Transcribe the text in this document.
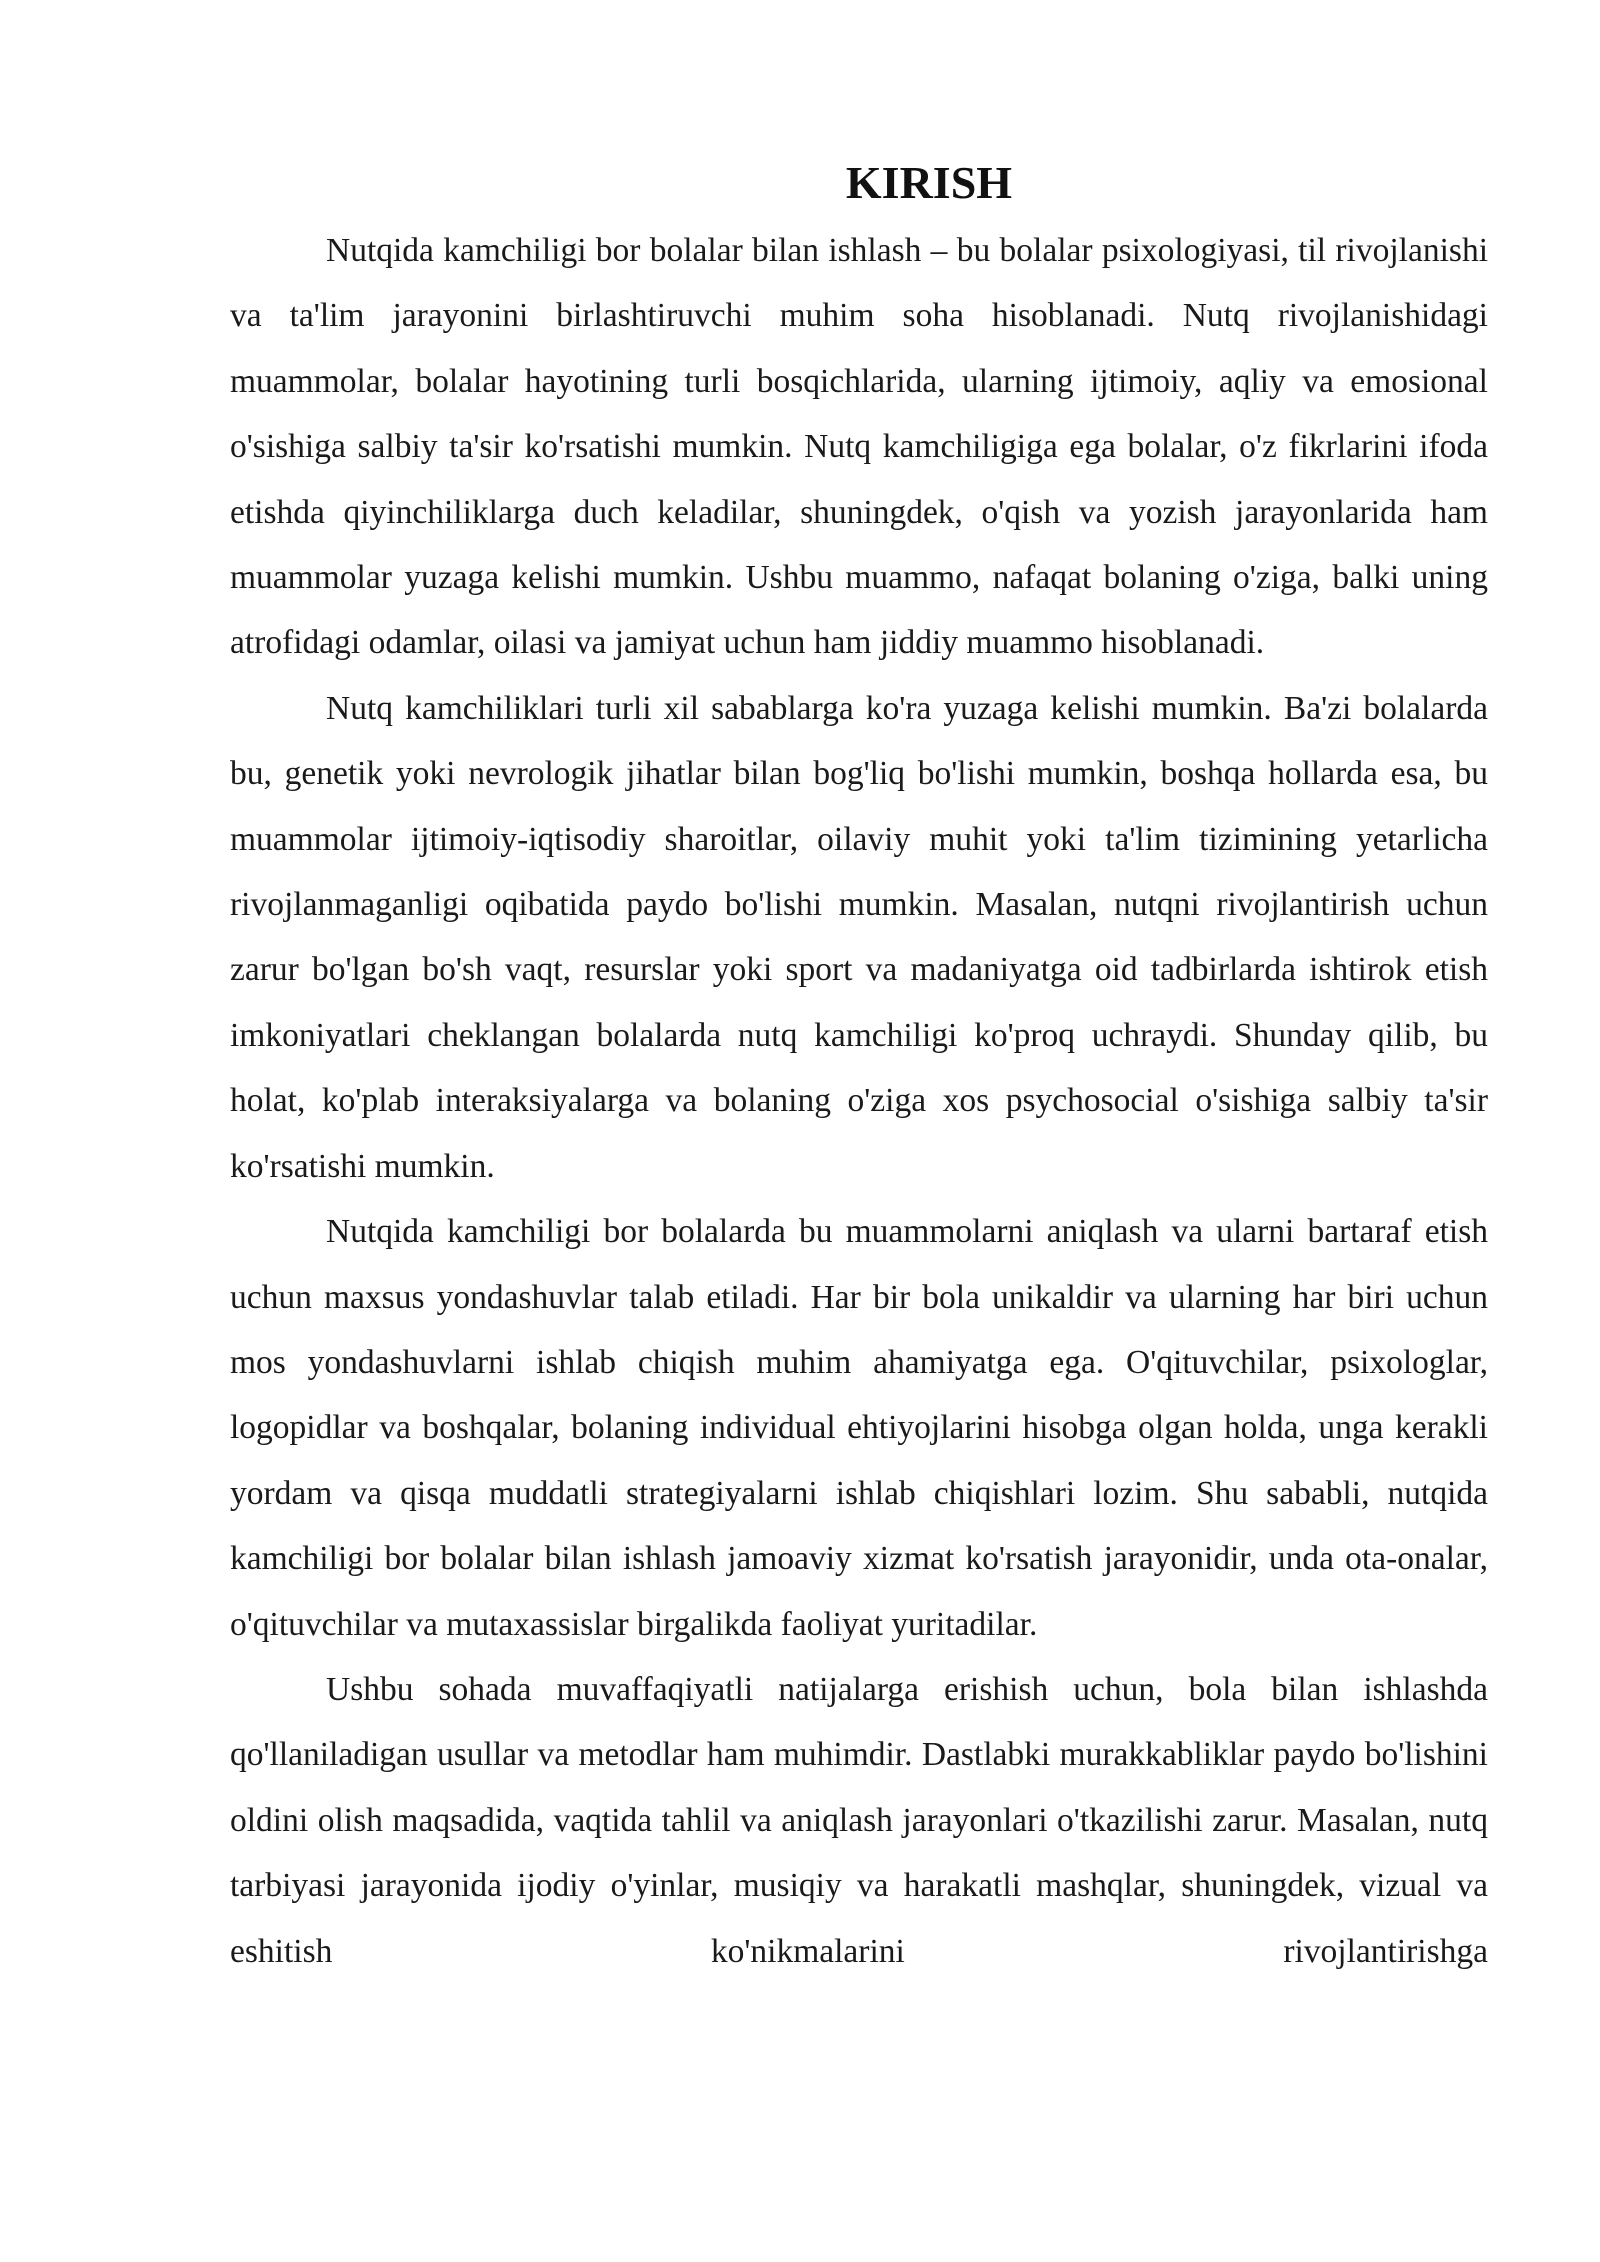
KIRISH

Nutqida kamchiligi bor bolalar bilan ishlash – bu bolalar psixologiyasi, til rivojlanishi va ta'lim jarayonini birlashtiruvchi muhim soha hisoblanadi. Nutq rivojlanishidagi muammolar, bolalar hayotining turli bosqichlarida, ularning ijtimoiy, aqliy va emosional o'sishiga salbiy ta'sir ko'rsatishi mumkin. Nutq kamchiligiga ega bolalar, o'z fikrlarini ifoda etishda qiyinchiliklarga duch keladilar, shuningdek, o'qish va yozish jarayonlarida ham muammolar yuzaga kelishi mumkin. Ushbu muammo, nafaqat bolaning o'ziga, balki uning atrofidagi odamlar, oilasi va jamiyat uchun ham jiddiy muammo hisoblanadi.

Nutq kamchiliklari turli xil sabablarga ko'ra yuzaga kelishi mumkin. Ba'zi bolalarda bu, genetik yoki nevrologik jihatlar bilan bog'liq bo'lishi mumkin, boshqa hollarda esa, bu muammolar ijtimoiy-iqtisodiy sharoitlar, oilaviy muhit yoki ta'lim tizimining yetarlicha rivojlanmaganligi oqibatida paydo bo'lishi mumkin. Masalan, nutqni rivojlantirish uchun zarur bo'lgan bo'sh vaqt, resurslar yoki sport va madaniyatga oid tadbirlarda ishtirok etish imkoniyatlari cheklangan bolalarda nutq kamchiligi ko'proq uchraydi. Shunday qilib, bu holat, ko'plab interaksiyalarga va bolaning o'ziga xos psychosocial o'sishiga salbiy ta'sir ko'rsatishi mumkin.

Nutqida kamchiligi bor bolalarda bu muammolarni aniqlash va ularni bartaraf etish uchun maxsus yondashuvlar talab etiladi. Har bir bola unikaldir va ularning har biri uchun mos yondashuvlarni ishlab chiqish muhim ahamiyatga ega. O'qituvchilar, psixologlar, logopidlar va boshqalar, bolaning individual ehtiyojlarini hisobga olgan holda, unga kerakli yordam va qisqa muddatli strategiyalarni ishlab chiqishlari lozim. Shu sababli, nutqida kamchiligi bor bolalar bilan ishlash jamoaviy xizmat ko'rsatish jarayonidir, unda ota-onalar, o'qituvchilar va mutaxassislar birgalikda faoliyat yuritadilar.

Ushbu sohada muvaffaqiyatli natijalarga erishish uchun, bola bilan ishlashda qo'llaniladigan usullar va metodlar ham muhimdir. Dastlabki murakkabliklar paydo bo'lishini oldini olish maqsadida, vaqtida tahlil va aniqlash jarayonlari o'tkazilishi zarur. Masalan, nutq tarbiyasi jarayonida ijodiy o'yinlar, musiqiy va harakatli mashqlar, shuningdek, vizual va eshitish ko'nikmalarini rivojlantirishga
